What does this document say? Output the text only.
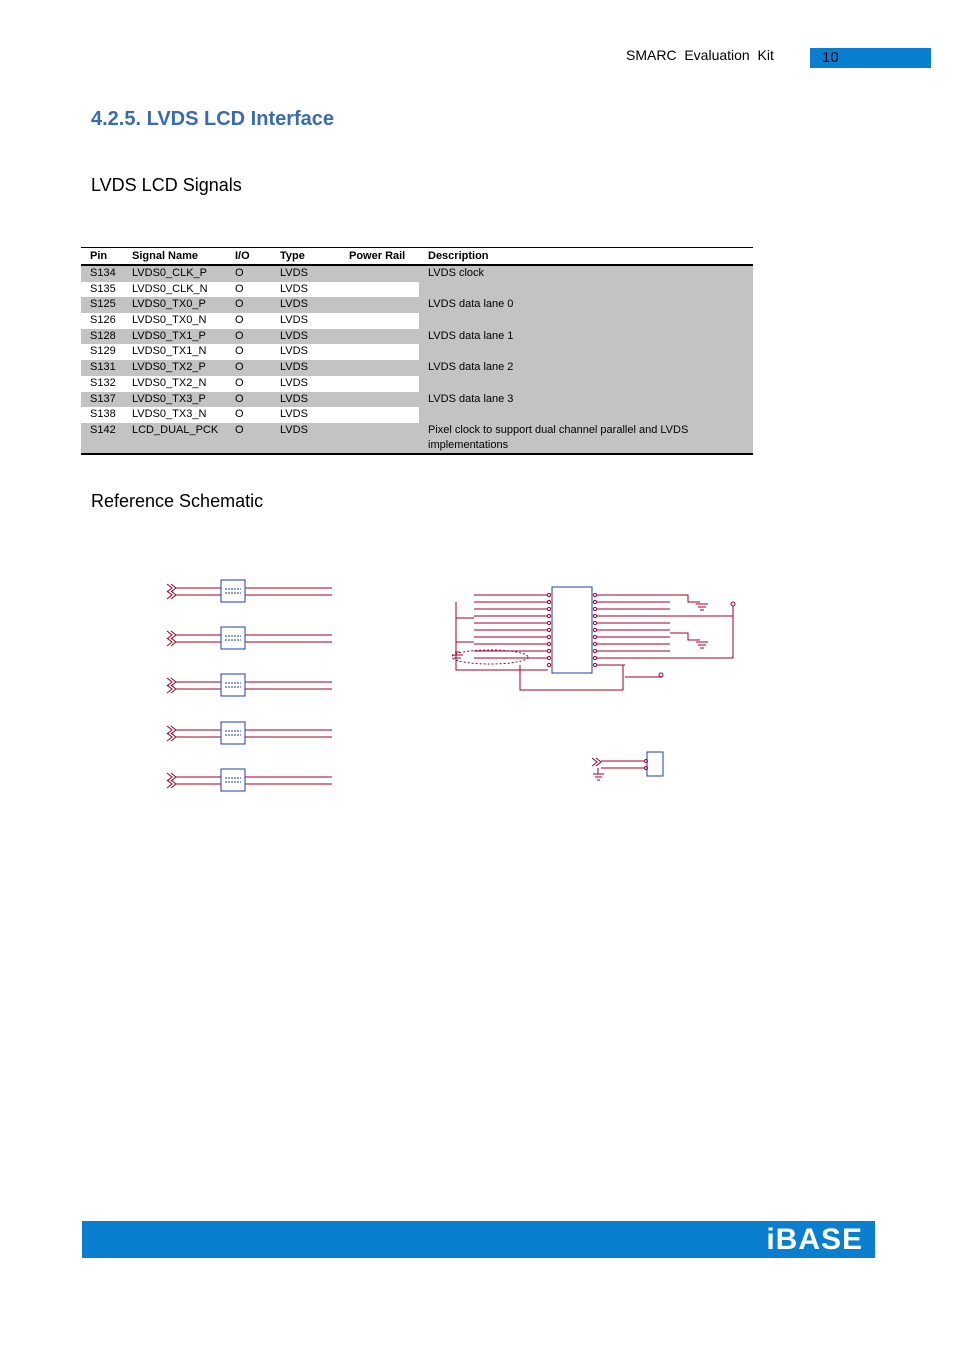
SMARC  Evaluation  Kit	10
4.2.5. LVDS LCD Interface
LVDS LCD Signals
Pin	Signal Name	I/O	Type	Power Rail	Description
S134	LVDS0_CLK_P	O	LVDS		LVDS clock
S135	LVDS0_CLK_N	O	LVDS		
S125	LVDS0_TX0_P	O	LVDS		LVDS data lane 0
S126	LVDS0_TX0_N	O	LVDS		
S128	LVDS0_TX1_P	O	LVDS		LVDS data lane 1
S129	LVDS0_TX1_N	O	LVDS		
S131	LVDS0_TX2_P	O	LVDS		LVDS data lane 2
S132	LVDS0_TX2_N	O	LVDS		
S137	LVDS0_TX3_P	O	LVDS		LVDS data lane 3
S138	LVDS0_TX3_N	O	LVDS		
S142	LCD_DUAL_PCK	O	LVDS		Pixel clock to support dual channel parallel and LVDS implementations
Reference Schematic
iBASE
